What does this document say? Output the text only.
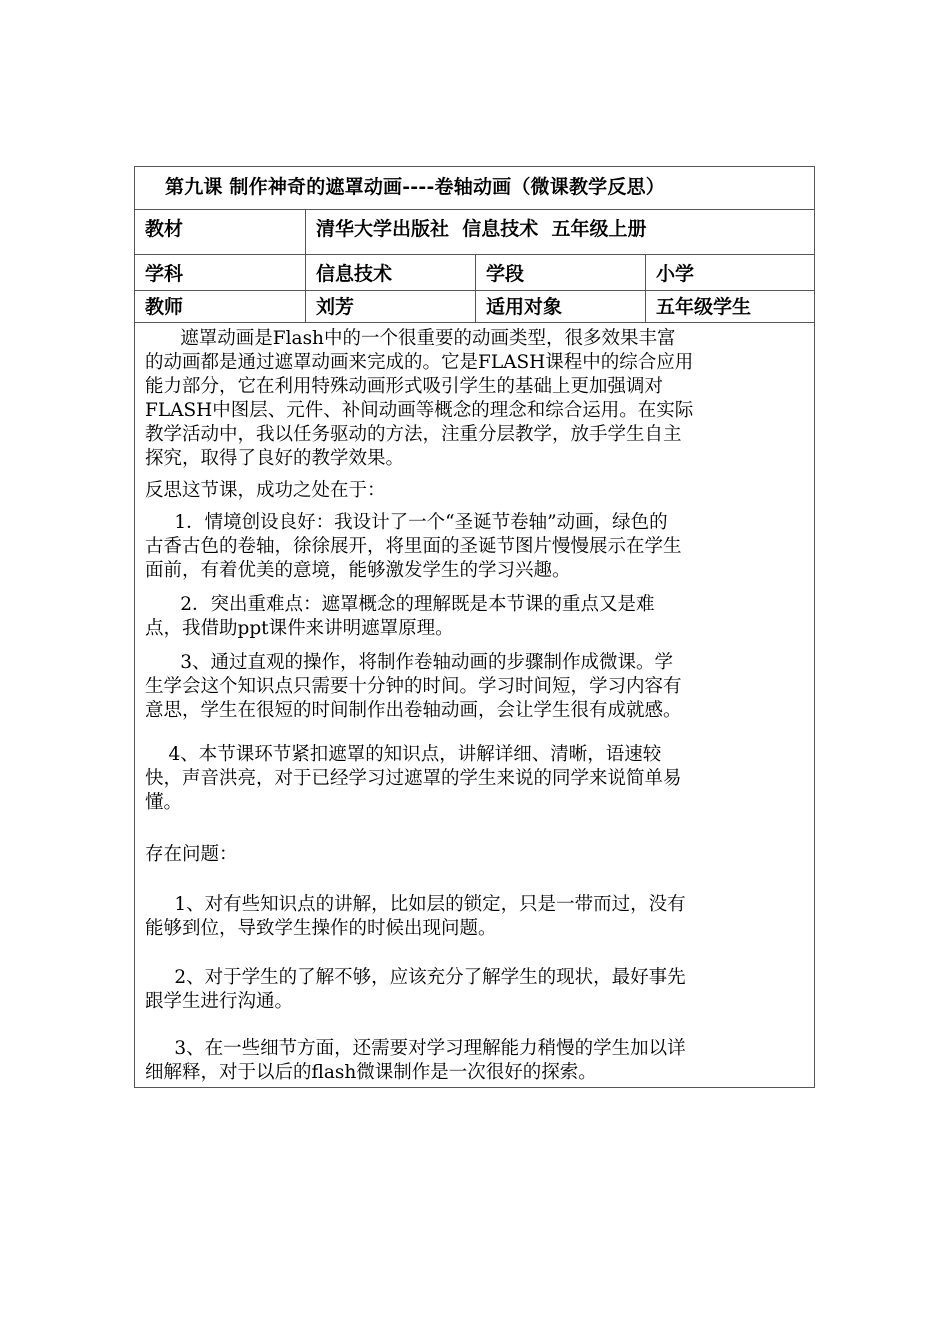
第九课 制作神奇的遮罩动画----卷轴动画（微课教学反思）
教材	清华大学出版社  信息技术  五年级上册
学科	信息技术	学段	小学
教师	刘芳	适用对象	五年级学生
遮罩动画是Flash中的一个很重要的动画类型，很多效果丰富
的动画都是通过遮罩动画来完成的。它是FLASH课程中的综合应用
能力部分，它在利用特殊动画形式吸引学生的基础上更加强调对
FLASH中图层、元件、补间动画等概念的理念和综合运用。在实际
教学活动中，我以任务驱动的方法，注重分层教学，放手学生自主
探究，取得了良好的教学效果。
反思这节课，成功之处在于：
1．情境创设良好：我设计了一个“圣诞节卷轴”动画，绿色的
古香古色的卷轴，徐徐展开，将里面的圣诞节图片慢慢展示在学生
面前，有着优美的意境，能够激发学生的学习兴趣。
2．突出重难点：遮罩概念的理解既是本节课的重点又是难
点，我借助ppt课件来讲明遮罩原理。
3、通过直观的操作，将制作卷轴动画的步骤制作成微课。学
生学会这个知识点只需要十分钟的时间。学习时间短，学习内容有
意思，学生在很短的时间制作出卷轴动画，会让学生很有成就感。
4、本节课环节紧扣遮罩的知识点，讲解详细、清晰，语速较
快，声音洪亮，对于已经学习过遮罩的学生来说的同学来说简单易
懂。
存在问题：
1、对有些知识点的讲解，比如层的锁定，只是一带而过，没有
能够到位，导致学生操作的时候出现问题。
2、对于学生的了解不够，应该充分了解学生的现状，最好事先
跟学生进行沟通。
3、在一些细节方面，还需要对学习理解能力稍慢的学生加以详
细解释，对于以后的flash微课制作是一次很好的探索。
